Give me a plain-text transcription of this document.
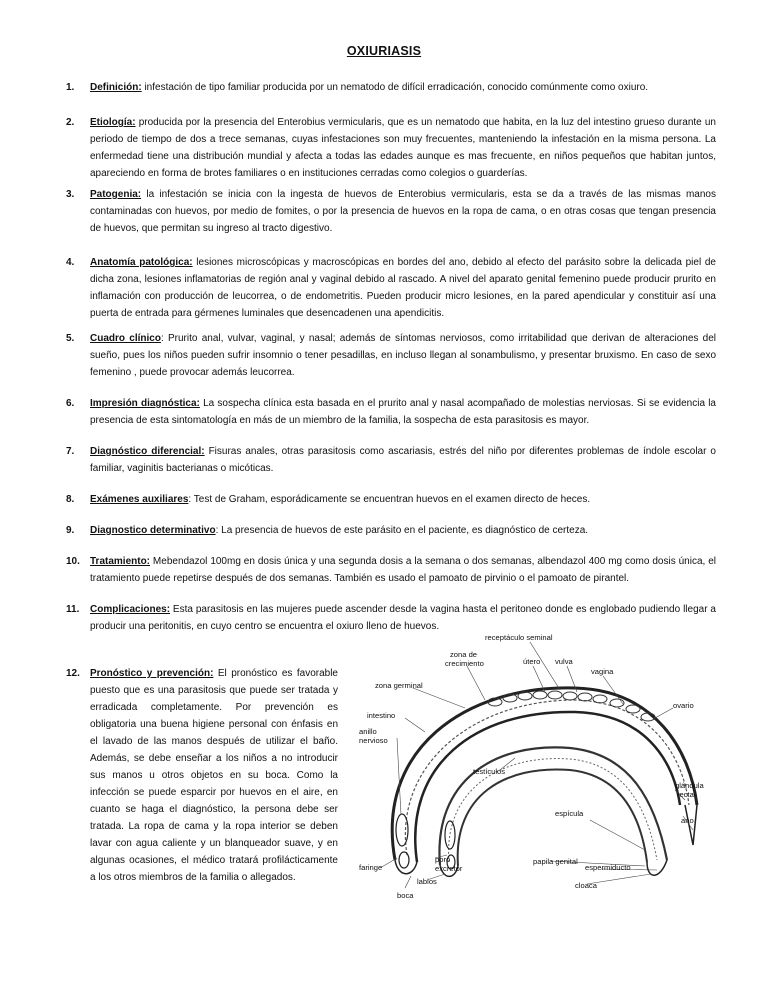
OXIURIASIS
1. Definición: infestación de tipo familiar producida por un nematodo de difícil erradicación, conocido comúnmente como oxiuro.
2. Etiología: producida por la presencia del Enterobius vermicularis, que es un nematodo que habita, en la luz del intestino grueso durante un periodo de tiempo de dos a trece semanas, cuyas infestaciones son muy frecuentes, manteniendo la infestación en la misma persona. La enfermedad tiene una distribución mundial y afecta a todas las edades aunque es mas frecuente, en niños pequeños que habitan juntos, apareciendo en forma de brotes familiares o en instituciones cerradas como colegios o guarderías.
3. Patogenia: la infestación se inicia con la ingesta de huevos de Enterobius vermicularis, esta se da a través de las mismas manos contaminadas con huevos, por medio de fomites, o por la presencia de huevos en la ropa de cama, o en otras cosas que tengan presencia de huevos, que permitan su ingreso al tracto digestivo.
4. Anatomía patológica: lesiones microscópicas y macroscópicas en bordes del ano, debido al efecto del parásito sobre la delicada piel de dicha zona, lesiones inflamatorias de región anal y vaginal debido al rascado. A nivel del aparato genital femenino puede producir prurito en inflamación con producción de leucorrea, o de endometritis. Pueden producir micro lesiones, en la pared apendicular y constituir así una puerta de entrada para gérmenes luminales que desencadenen una apendicitis.
5. Cuadro clínico: Prurito anal, vulvar, vaginal, y nasal; además de síntomas nerviosos, como irritabilidad que derivan de alteraciones del sueño, pues los niños pueden sufrir insomnio o tener pesadillas, en incluso llegan al sonambulismo, y presentar bruxismo. En caso de sexo femenino , puede provocar además leucorrea.
6. Impresión diagnóstica: La sospecha clínica esta basada en el prurito anal y nasal acompañado de molestias nerviosas. Si se evidencia la presencia de esta sintomatología en más de un miembro de la familia, la sospecha de esta parasitosis es mayor.
7. Diagnóstico diferencial: Fisuras anales, otras parasitosis como ascariasis, estrés del niño por diferentes problemas de índole escolar o familiar, vaginitis bacterianas o micóticas.
8. Exámenes auxiliares: Test de Graham, esporádicamente se encuentran huevos en el examen directo de heces.
9. Diagnostico determinativo: La presencia de huevos de este parásito en el paciente, es diagnóstico de certeza.
10. Tratamiento: Mebendazol 100mg en dosis única y una segunda dosis a la semana o dos semanas, albendazol 400 mg como dosis única, el tratamiento puede repetirse después de dos semanas. También es usado el pamoato de pirvinio o el pamoato de pirantel.
11. Complicaciones: Esta parasitosis en las mujeres puede ascender desde la vagina hasta el peritoneo donde es englobado pudiendo llegar a producir una peritonitis, en cuyo centro se encuentra el oxiuro lleno de huevos.
12. Pronóstico y prevención: El pronóstico es favorable puesto que es una parasitosis que puede ser tratada y erradicada completamente. Por prevención es obligatoria una buena higiene personal con énfasis en el lavado de las manos después de utilizar el baño. Además, se debe enseñar a los niños a no introducir sus manos u otros objetos en su boca. Como la infección se puede esparcir por huevos en el aire, en cuanto se haga el diagnóstico, la persona debe ser tratada. La ropa de cama y la ropa interior se deben lavar con agua caliente y un blanqueador suave, y en algunas ocasiones, el médico tratará profilácticamente a los otros miembros de la familia o allegados.
receptáculo seminal
zona de
crecimiento	útero vulva
vagina
zona germinal
ovario
intestino
anillo
nervioso
testículos
glándula
rectal
espícula
ano
faringe
poro
excretor
labios
papila genital
espermiducto
cloaca
boca
